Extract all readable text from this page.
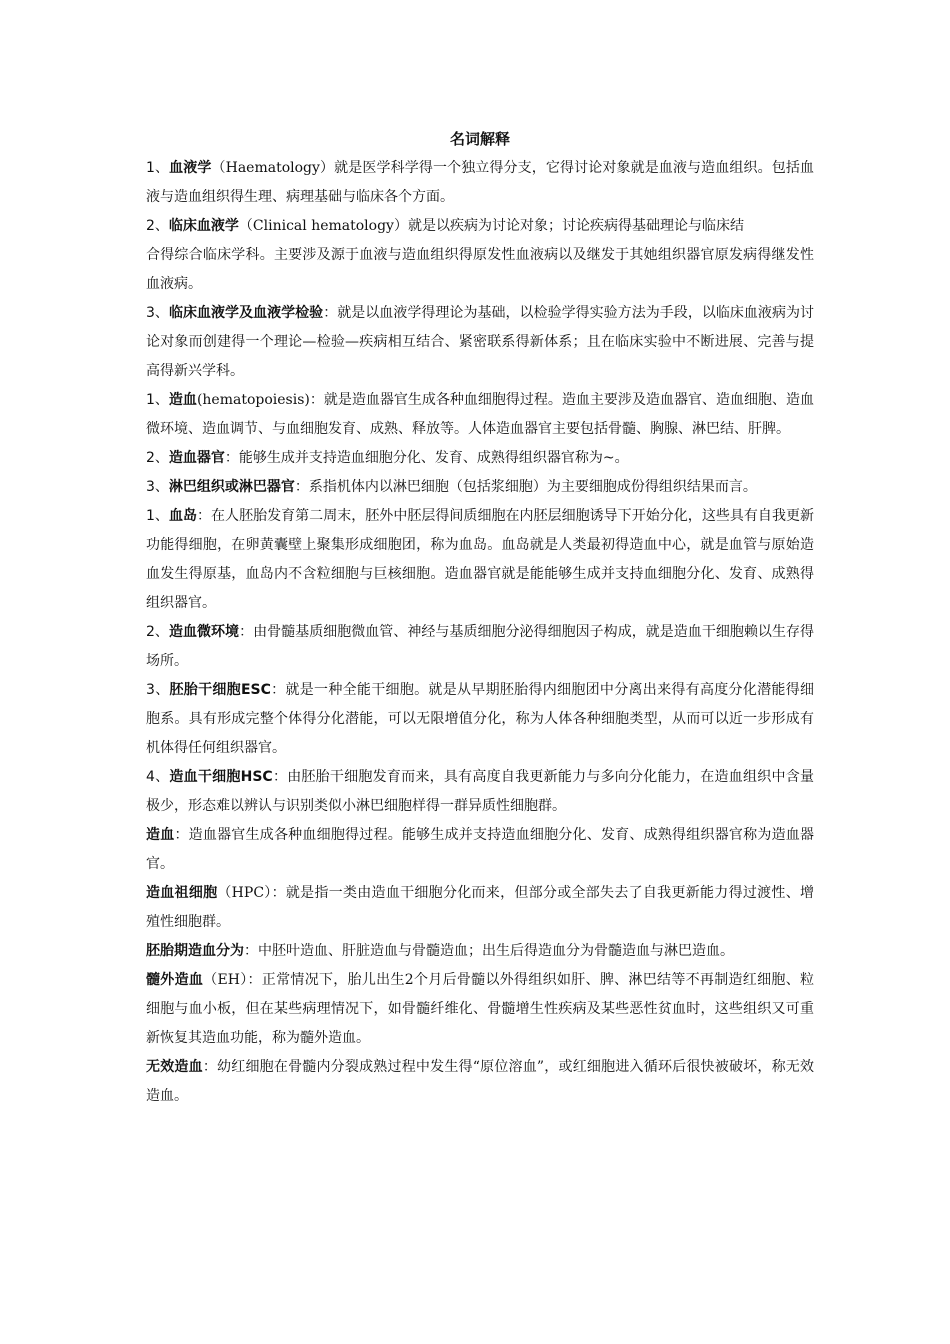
名词解释

1、血液学（Haematology）就是医学科学得一个独立得分支，它得讨论对象就是血液与造血组织。包括血液与造血组织得生理、病理基础与临床各个方面。

2、临床血液学（Clinical hematology）就是以疾病为讨论对象；讨论疾病得基础理论与临床结

合得综合临床学科。主要涉及源于血液与造血组织得原发性血液病以及继发于其她组织器官原发病得继发性血液病。

3、临床血液学及血液学检验：就是以血液学得理论为基础，以检验学得实验方法为手段，以临床血液病为讨论对象而创建得一个理论—检验—疾病相互结合、紧密联系得新体系；且在临床实验中不断进展、完善与提高得新兴学科。

1、造血(hematopoiesis)：就是造血器官生成各种血细胞得过程。造血主要涉及造血器官、造血细胞、造血微环境、造血调节、与血细胞发育、成熟、释放等。人体造血器官主要包括骨髓、胸腺、淋巴结、肝脾。

2、造血器官：能够生成并支持造血细胞分化、发育、成熟得组织器官称为~。

3、淋巴组织或淋巴器官：系指机体内以淋巴细胞（包括浆细胞）为主要细胞成份得组织结果而言。

1、血岛：在人胚胎发育第二周末，胚外中胚层得间质细胞在内胚层细胞诱导下开始分化，这些具有自我更新功能得细胞，在卵黄囊壁上聚集形成细胞团，称为血岛。血岛就是人类最初得造血中心，就是血管与原始造血发生得原基，血岛内不含粒细胞与巨核细胞。造血器官就是能能够生成并支持血细胞分化、发育、成熟得组织器官。

2、造血微环境：由骨髓基质细胞微血管、神经与基质细胞分泌得细胞因子构成，就是造血干细胞赖以生存得场所。

3、胚胎干细胞ESC：就是一种全能干细胞。就是从早期胚胎得内细胞团中分离出来得有高度分化潜能得细胞系。具有形成完整个体得分化潜能，可以无限增值分化，称为人体各种细胞类型，从而可以近一步形成有机体得任何组织器官。

4、造血干细胞HSC：由胚胎干细胞发育而来，具有高度自我更新能力与多向分化能力，在造血组织中含量极少，形态难以辨认与识别类似小淋巴细胞样得一群异质性细胞群。

造血：造血器官生成各种血细胞得过程。能够生成并支持造血细胞分化、发育、成熟得组织器官称为造血器官。

造血祖细胞（HPC）：就是指一类由造血干细胞分化而来，但部分或全部失去了自我更新能力得过渡性、增殖性细胞群。

胚胎期造血分为：中胚叶造血、肝脏造血与骨髓造血；出生后得造血分为骨髓造血与淋巴造血。

髓外造血（EH）：正常情况下，胎儿出生2个月后骨髓以外得组织如肝、脾、淋巴结等不再制造红细胞、粒细胞与血小板，但在某些病理情况下，如骨髓纤维化、骨髓增生性疾病及某些恶性贫血时，这些组织又可重新恢复其造血功能，称为髓外造血。

无效造血：幼红细胞在骨髓内分裂成熟过程中发生得“原位溶血”，或红细胞进入循环后很快被破坏，称无效造血。
